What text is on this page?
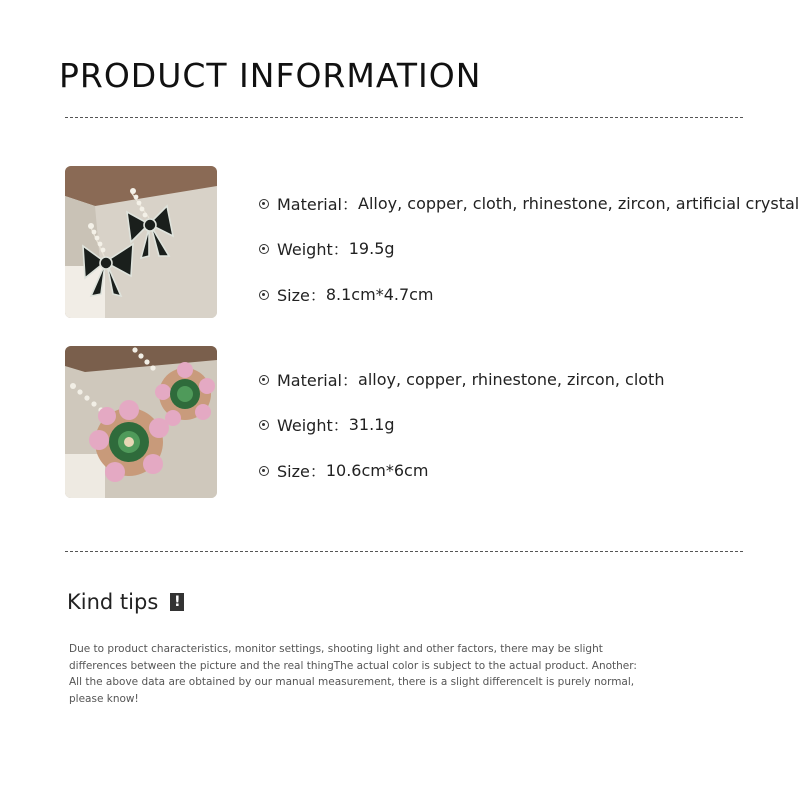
PRODUCT INFORMATION
Material： Alloy, copper, cloth, rhinestone, zircon, artificial crystal
Weight： 19.5g
Size： 8.1cm*4.7cm
Material： alloy, copper, rhinestone, zircon, cloth
Weight： 31.1g
Size： 10.6cm*6cm
Kind tips !
Due to product characteristics, monitor settings, shooting light and other factors, there may be slight differences between the picture and the real thingThe actual color is subject to the actual product. Another: All the above data are obtained by our manual measurement, there is a slight differenceIt is purely normal, please know!
